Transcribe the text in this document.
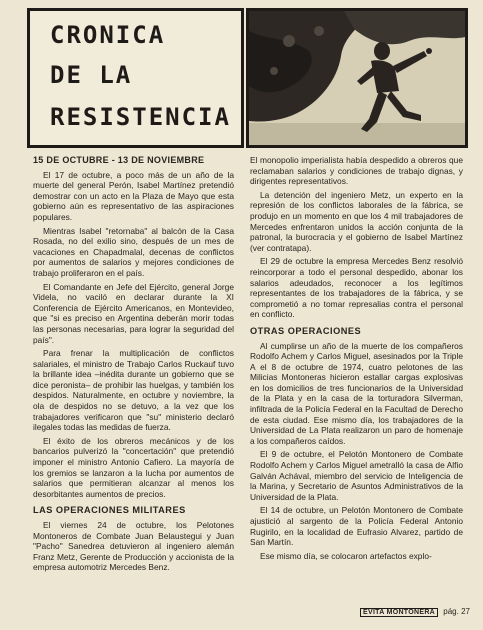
CRONICA
DE LA
RESISTENCIA
15 DE OCTUBRE - 13 DE NOVIEMBRE

El 17 de octubre, a poco más de un año de la muerte del general Perón, Isabel Martínez pretendió demostrar con un acto en la Plaza de Mayo que esta gobierno aún es representativo de las aspiraciones populares.

Mientras Isabel "retornaba" al balcón de la Casa Rosada, no del exilio sino, después de un mes de vacaciones en Chapadmalal, decenas de conflictos por aumentos de salarios y mejores condiciones de trabajo proliferaron en el país.

El Comandante en Jefe del Ejército, general Jorge Videla, no vaciló en declarar durante la XI Conferencia de Ejército Americanos, en Montevideo, que "si es preciso en Argentina deberán morir todas las personas necesarias, para lograr la seguridad del país".

Para frenar la multiplicación de conflictos salariales, el ministro de Trabajo Carlos Ruckauf tuvo la brillante idea –inédita durante un gobierno que se dice peronista– de prohibir las huelgas, y también los despidos. Naturalmente, en octubre y noviembre, la ola de despidos no se detuvo, a la vez que los trabajadores verificaron que "su" ministerio declaró ilegales todas las medidas de fuerza.

El éxito de los obreros mecánicos y de los bancarios pulverizó la "concertación" que pretendió imponer el ministro Antonio Cafiero. La mayoría de los gremios se lanzaron a la lucha por aumentos de salarios que permitieran alcanzar al menos los desorbitantes aumentos de precios.

LAS OPERACIONES MILITARES

El viernes 24 de octubre, los Pelotones Montoneros de Combate Juan Belaustegui y Juan "Pacho" Sanedrea detuvieron al ingeniero alemán Franz Metz, Gerente de Producción y accionista de la empresa automotriz Mercedes Benz.

El monopolio imperialista había despedido a obreros que reclamaban salarios y condiciones de trabajo dignas, y dirigentes representativos.

La detención del ingeniero Metz, un experto en la represión de los conflictos laborales de la fábrica, se produjo en un momento en que los 4 mil trabajadores de Mercedes enfrentaron unidos la acción conjunta de la patronal, la burocracia y el gobierno de Isabel Martínez (ver contratapa).

El 29 de octubre la empresa Mercedes Benz resolvió reincorporar a todo el personal despedido, abonar los salarios adeudados, reconocer a los legítimos representantes de los trabajadores de la fábrica, y se comprometió a no tomar represalias contra el personal en conflicto.

OTRAS OPERACIONES

Al cumplirse un año de la muerte de los compañeros Rodolfo Achem y Carlos Miguel, asesinados por la Triple A el 8 de octubre de 1974, cuatro pelotones de las Milicias Montoneras hicieron estallar cargas explosivas en los domicilios de tres funcionarios de la Universidad de la Plata y en la casa de la torturadora Silverman, infiltrada de la Policía Federal en la Facultad de Derecho de esta ciudad. Ese mismo día, los trabajadores de la Universidad de La Plata realizaron un paro de homenaje a los compañeros caídos.

El 9 de octubre, el Pelotón Montonero de Combate Rodolfo Achem y Carlos Miguel ametralló la casa de Alfio Galván Achával, miembro del servicio de Inteligencia de la Marina, y Secretario de Asuntos Administrativos de la Universidad de la Plata.

El 14 de octubre, un Pelotón Montonero de Combate ajustició al sargento de la Policía Federal Antonio Rugirilo, en la localidad de Eufrasio Alvarez, partido de San Martín.

Ese mismo día, se colocaron artefactos explo-

EVITA MONTONERA pág. 27
